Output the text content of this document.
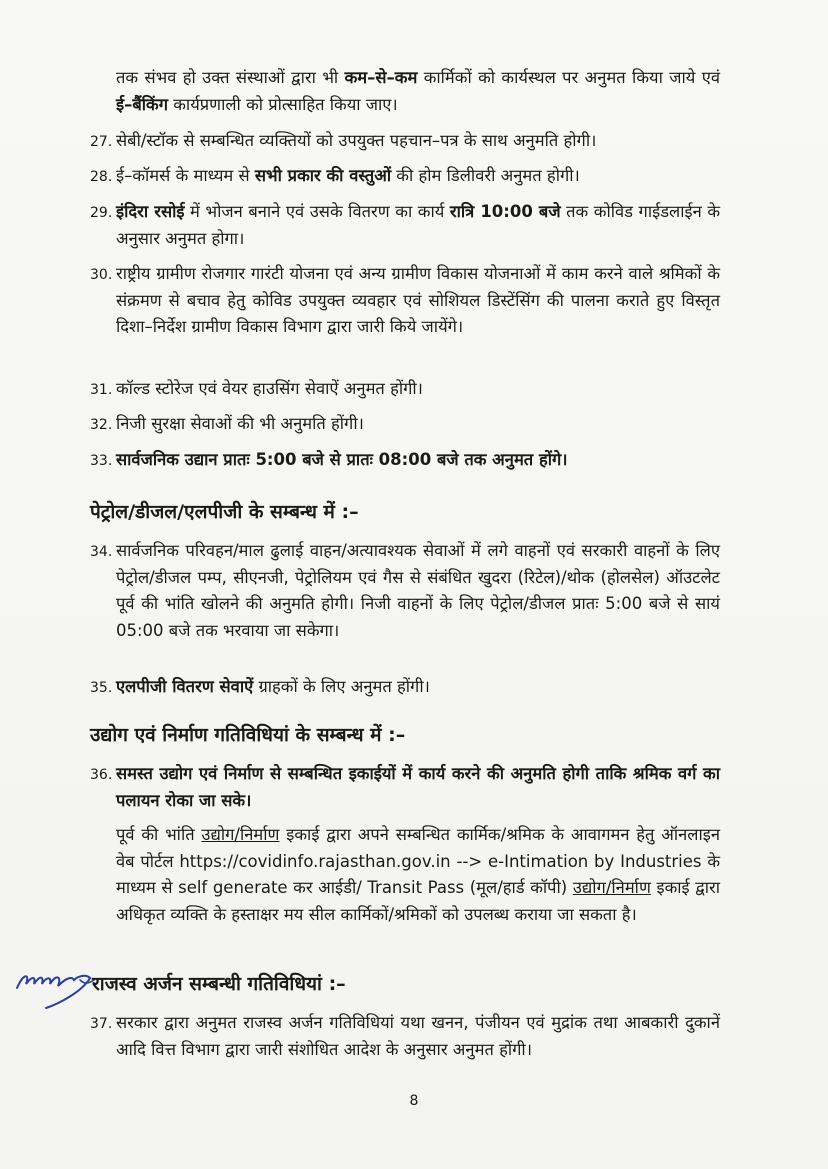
तक संभव हो उक्त संस्थाओं द्वारा भी कम–से–कम कार्मिकों को कार्यस्थल पर अनुमत किया जाये एवं ई–बैंकिंग कार्यप्रणाली को प्रोत्साहित किया जाए।
27. सेबी/स्टॉक से सम्बन्धित व्यक्तियों को उपयुक्त पहचान–पत्र के साथ अनुमति होगी।
28. ई–कॉमर्स के माध्यम से सभी प्रकार की वस्तुओं की होम डिलीवरी अनुमत होगी।
29. इंदिरा रसोई में भोजन बनाने एवं उसके वितरण का कार्य रात्रि 10:00 बजे तक कोविड गाईडलाईन के अनुसार अनुमत होगा।
30. राष्ट्रीय ग्रामीण रोजगार गारंटी योजना एवं अन्य ग्रामीण विकास योजनाओं में काम करने वाले श्रमिकों के संक्रमण से बचाव हेतु कोविड उपयुक्त व्यवहार एवं सोशियल डिस्टेंसिंग की पालना कराते हुए विस्तृत दिशा–निर्देश ग्रामीण विकास विभाग द्वारा जारी किये जायेंगे।
31. कॉल्ड स्टोरेज एवं वेयर हाउसिंग सेवाऐं अनुमत होंगी।
32. निजी सुरक्षा सेवाओं की भी अनुमति होंगी।
33. सार्वजनिक उद्यान प्रातः 5:00 बजे से प्रातः 08:00 बजे तक अनुमत होंगे।
पेट्रोल/डीजल/एलपीजी के सम्बन्ध में :–
34. सार्वजनिक परिवहन/माल ढुलाई वाहन/अत्यावश्यक सेवाओं में लगे वाहनों एवं सरकारी वाहनों के लिए पेट्रोल/डीजल पम्प, सीएनजी, पेट्रोलियम एवं गैस से संबंधित खुदरा (रिटेल)/थोक (होलसेल) ऑउटलेट पूर्व की भांति खोलने की अनुमति होगी। निजी वाहनों के लिए पेट्रोल/डीजल प्रातः 5:00 बजे से सायं 05:00 बजे तक भरवाया जा सकेगा।
35. एलपीजी वितरण सेवाऐं ग्राहकों के लिए अनुमत होंगी।
उद्योग एवं निर्माण गतिविधियां के सम्बन्ध में :–
36. समस्त उद्योग एवं निर्माण से सम्बन्धित इकाईयों में कार्य करने की अनुमति होगी ताकि श्रमिक वर्ग का पलायन रोका जा सके।
पूर्व की भांति उद्योग/निर्माण इकाई द्वारा अपने सम्बन्धित कार्मिक/श्रमिक के आवागमन हेतु ऑनलाइन वेब पोर्टल https://covidinfo.rajasthan.gov.in --> e-Intimation by Industries के माध्यम से self generate कर आईडी/ Transit Pass (मूल/हार्ड कॉपी) उद्योग/निर्माण इकाई द्वारा अधिकृत व्यक्ति के हस्ताक्षर मय सील कार्मिकों/श्रमिकों को उपलब्ध कराया जा सकता है।
राजस्व अर्जन सम्बन्धी गतिविधियां :–
37. सरकार द्वारा अनुमत राजस्व अर्जन गतिविधियां यथा खनन, पंजीयन एवं मुद्रांक तथा आबकारी दुकानें आदि वित्त विभाग द्वारा जारी संशोधित आदेश के अनुसार अनुमत होंगी।
8
